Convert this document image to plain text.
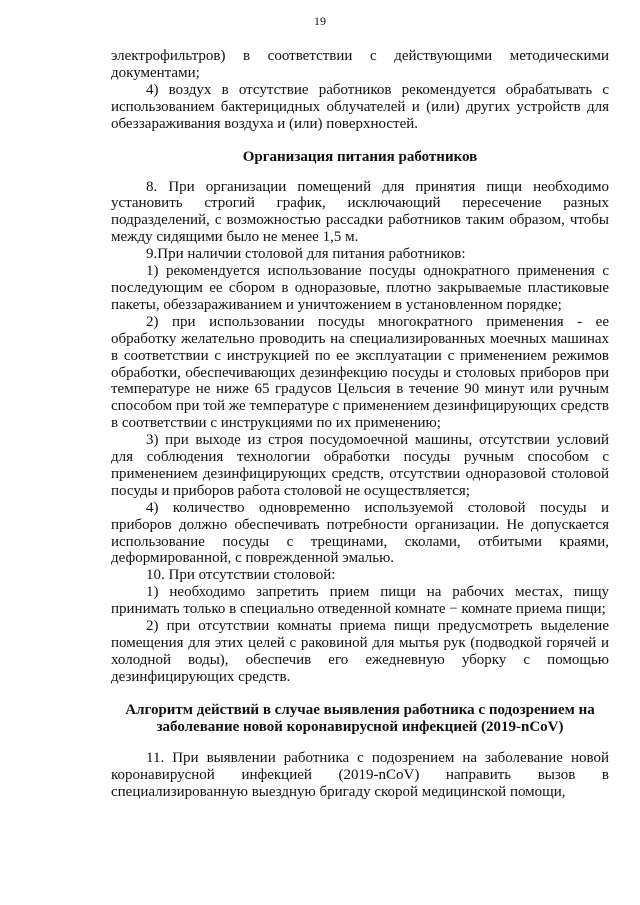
19

электрофильтров) в соответствии с действующими методическими документами;

4) воздух в отсутствие работников рекомендуется обрабатывать с использованием бактерицидных облучателей и (или) других устройств для обеззараживания воздуха и (или) поверхностей.

Организация питания работников

8. При организации помещений для принятия пищи необходимо установить строгий график, исключающий пересечение разных подразделений, с возможностью рассадки работников таким образом, чтобы между сидящими было не менее 1,5 м.

9.При наличии столовой для питания работников:

1) рекомендуется использование посуды однократного применения с последующим ее сбором в одноразовые, плотно закрываемые пластиковые пакеты, обеззараживанием и уничтожением в установленном порядке;

2) при использовании посуды многократного применения - ее обработку желательно проводить на специализированных моечных машинах в соответствии с инструкцией по ее эксплуатации с применением режимов обработки, обеспечивающих дезинфекцию посуды и столовых приборов при температуре не ниже 65 градусов Цельсия в течение 90 минут или ручным способом при той же температуре с применением дезинфицирующих средств в соответствии с инструкциями по их применению;

3) при выходе из строя посудомоечной машины, отсутствии условий для соблюдения технологии обработки посуды ручным способом с применением дезинфицирующих средств, отсутствии одноразовой столовой посуды и приборов работа столовой не осуществляется;

4) количество одновременно используемой столовой посуды и приборов должно обеспечивать потребности организации. Не допускается использование посуды с трещинами, сколами, отбитыми краями, деформированной, с поврежденной эмалью.

10. При отсутствии столовой:

1) необходимо запретить прием пищи на рабочих местах, пищу принимать только в специально отведенной комнате − комнате приема пищи;

2) при отсутствии комнаты приема пищи предусмотреть выделение помещения для этих целей с раковиной для мытья рук (подводкой горячей и холодной воды), обеспечив его ежедневную уборку с помощью дезинфицирующих средств.

Алгоритм действий в случае выявления работника с подозрением на заболевание новой коронавирусной инфекцией (2019-nCoV)

11. При выявлении работника с подозрением на заболевание новой коронавирусной инфекцией (2019-nCoV) направить вызов в специализированную выездную бригаду скорой медицинской помощи,
